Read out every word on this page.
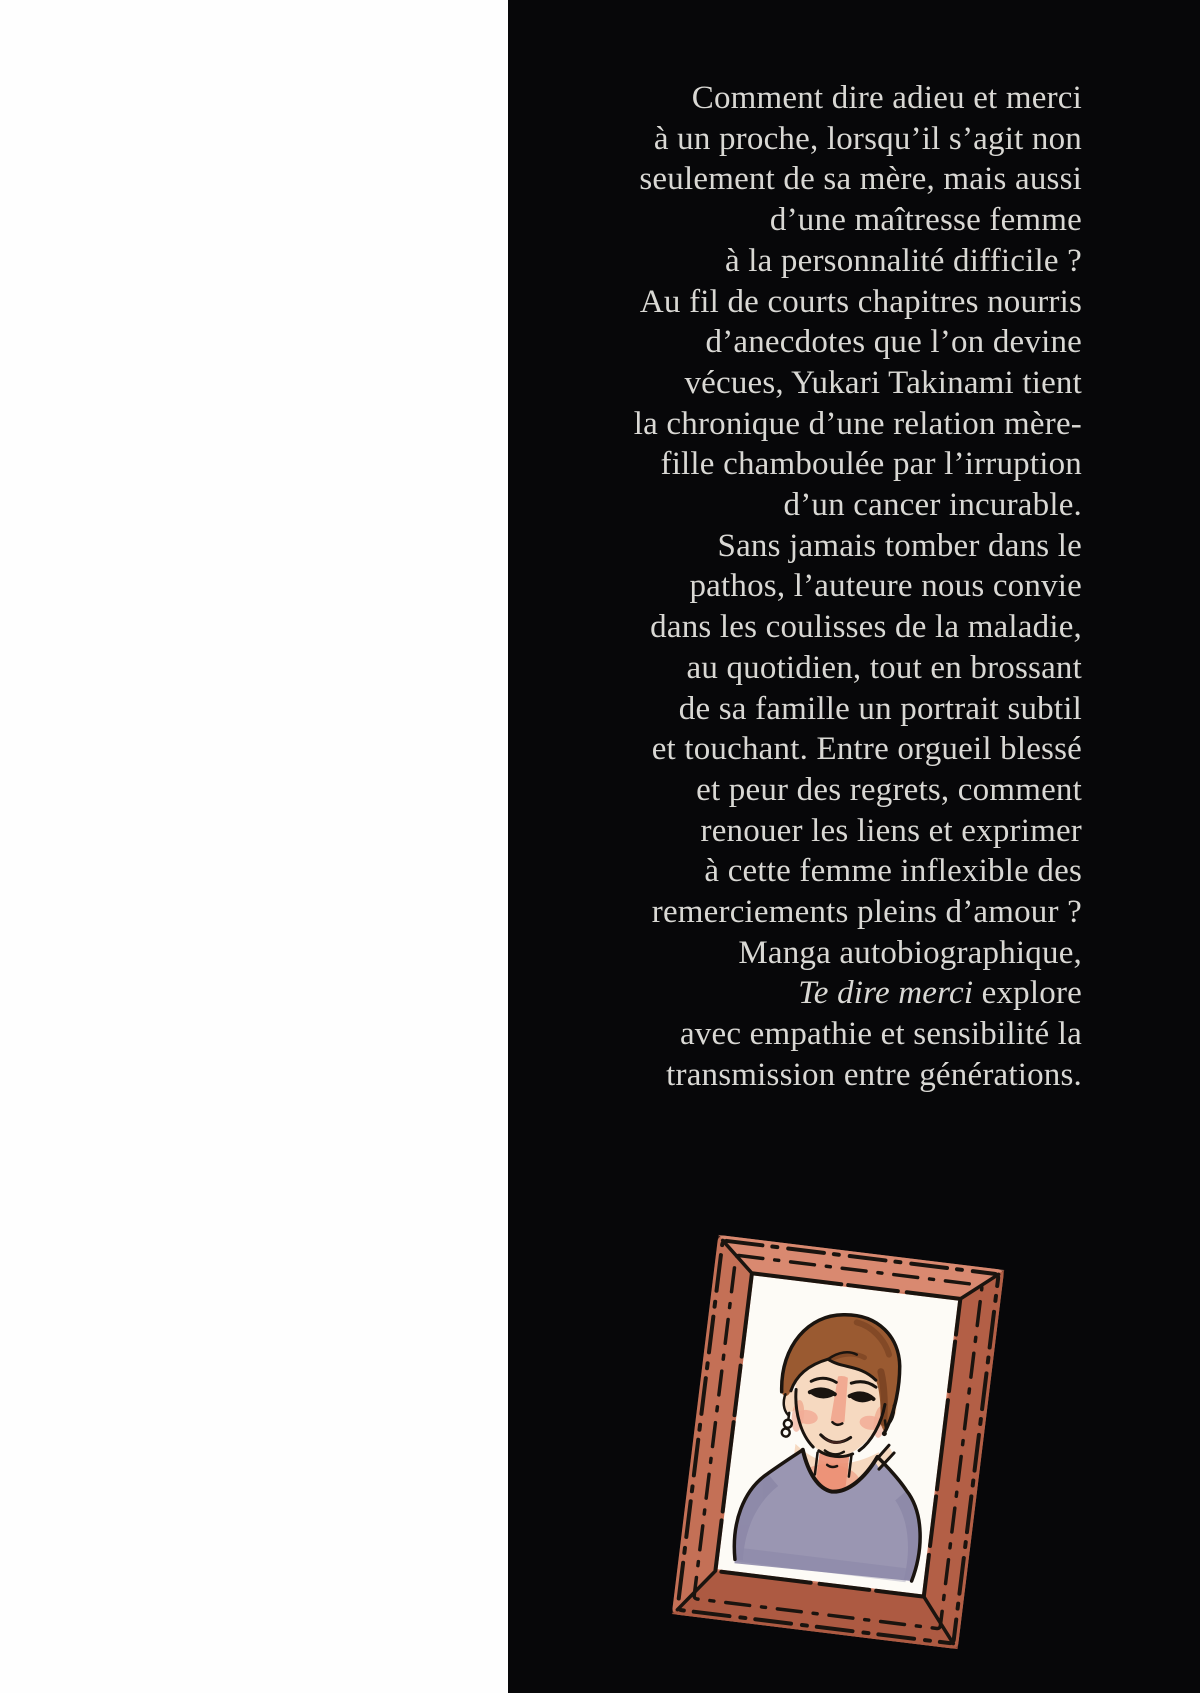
Comment dire adieu et merci
à un proche, lorsqu’il s’agit non
seulement de sa mère, mais aussi
d’une maîtresse femme
à la personnalité difficile ?
Au fil de courts chapitres nourris
d’anecdotes que l’on devine
vécues, Yukari Takinami tient
la chronique d’une relation mère-
fille chamboulée par l’irruption
d’un cancer incurable.
Sans jamais tomber dans le
pathos, l’auteure nous convie
dans les coulisses de la maladie,
au quotidien, tout en brossant
de sa famille un portrait subtil
et touchant. Entre orgueil blessé
et peur des regrets, comment
renouer les liens et exprimer
à cette femme inflexible des
remerciements pleins d’amour ?
Manga autobiographique,
Te dire merci explore
avec empathie et sensibilité la
transmission entre générations.
